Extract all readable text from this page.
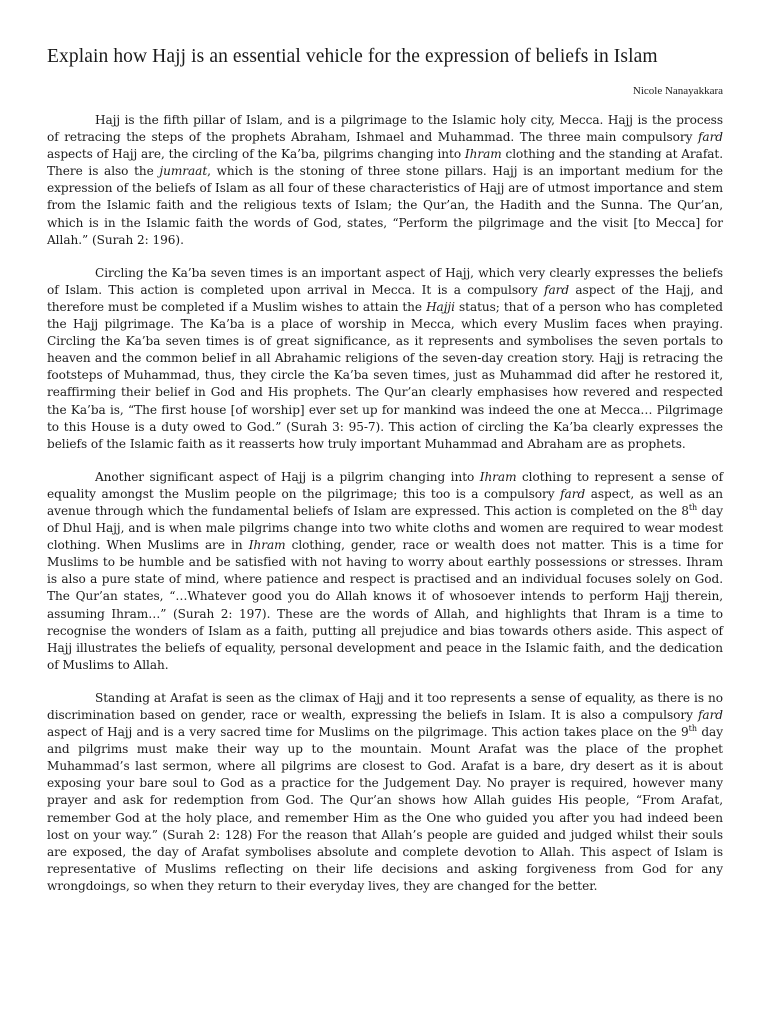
Explain how Hajj is an essential vehicle for the expression of beliefs in Islam
Nicole Nanayakkara

Hajj is the fifth pillar of Islam, and is a pilgrimage to the Islamic holy city, Mecca. Hajj is the process of retracing the steps of the prophets Abraham, Ishmael and Muhammad. The three main compulsory fard aspects of Hajj are, the circling of the Ka’ba, pilgrims changing into Ihram clothing and the standing at Arafat. There is also the jumraat, which is the stoning of three stone pillars. Hajj is an important medium for the expression of the beliefs of Islam as all four of these characteristics of Hajj are of utmost importance and stem from the Islamic faith and the religious texts of Islam; the Qur’an, the Hadith and the Sunna. The Qur’an, which is in the Islamic faith the words of God, states, “Perform the pilgrimage and the visit [to Mecca] for Allah.” (Surah 2: 196).

Circling the Ka’ba seven times is an important aspect of Hajj, which very clearly expresses the beliefs of Islam. This action is completed upon arrival in Mecca. It is a compulsory fard aspect of the Hajj, and therefore must be completed if a Muslim wishes to attain the Hajji status; that of a person who has completed the Hajj pilgrimage. The Ka’ba is a place of worship in Mecca, which every Muslim faces when praying. Circling the Ka’ba seven times is of great significance, as it represents and symbolises the seven portals to heaven and the common belief in all Abrahamic religions of the seven-day creation story. Hajj is retracing the footsteps of Muhammad, thus, they circle the Ka’ba seven times, just as Muhammad did after he restored it, reaffirming their belief in God and His prophets. The Qur’an clearly emphasises how revered and respected the Ka’ba is, “The first house [of worship] ever set up for mankind was indeed the one at Mecca… Pilgrimage to this House is a duty owed to God.” (Surah 3: 95-7). This action of circling the Ka’ba clearly expresses the beliefs of the Islamic faith as it reasserts how truly important Muhammad and Abraham are as prophets.

Another significant aspect of Hajj is a pilgrim changing into Ihram clothing to represent a sense of equality amongst the Muslim people on the pilgrimage; this too is a compulsory fard aspect, as well as an avenue through which the fundamental beliefs of Islam are expressed. This action is completed on the 8th day of Dhul Hajj, and is when male pilgrims change into two white cloths and women are required to wear modest clothing. When Muslims are in Ihram clothing, gender, race or wealth does not matter. This is a time for Muslims to be humble and be satisfied with not having to worry about earthly possessions or stresses. Ihram is also a pure state of mind, where patience and respect is practised and an individual focuses solely on God. The Qur’an states, “…Whatever good you do Allah knows it of whosoever intends to perform Hajj therein, assuming Ihram…” (Surah 2: 197). These are the words of Allah, and highlights that Ihram is a time to recognise the wonders of Islam as a faith, putting all prejudice and bias towards others aside. This aspect of Hajj illustrates the beliefs of equality, personal development and peace in the Islamic faith, and the dedication of Muslims to Allah.

Standing at Arafat is seen as the climax of Hajj and it too represents a sense of equality, as there is no discrimination based on gender, race or wealth, expressing the beliefs in Islam. It is also a compulsory fard aspect of Hajj and is a very sacred time for Muslims on the pilgrimage. This action takes place on the 9th day and pilgrims must make their way up to the mountain. Mount Arafat was the place of the prophet Muhammad’s last sermon, where all pilgrims are closest to God. Arafat is a bare, dry desert as it is about exposing your bare soul to God as a practice for the Judgement Day. No prayer is required, however many prayer and ask for redemption from God. The Qur’an shows how Allah guides His people, “From Arafat, remember God at the holy place, and remember Him as the One who guided you after you had indeed been lost on your way.” (Surah 2: 128) For the reason that Allah’s people are guided and judged whilst their souls are exposed, the day of Arafat symbolises absolute and complete devotion to Allah. This aspect of Islam is representative of Muslims reflecting on their life decisions and asking forgiveness from God for any wrongdoings, so when they return to their everyday lives, they are changed for the better.
